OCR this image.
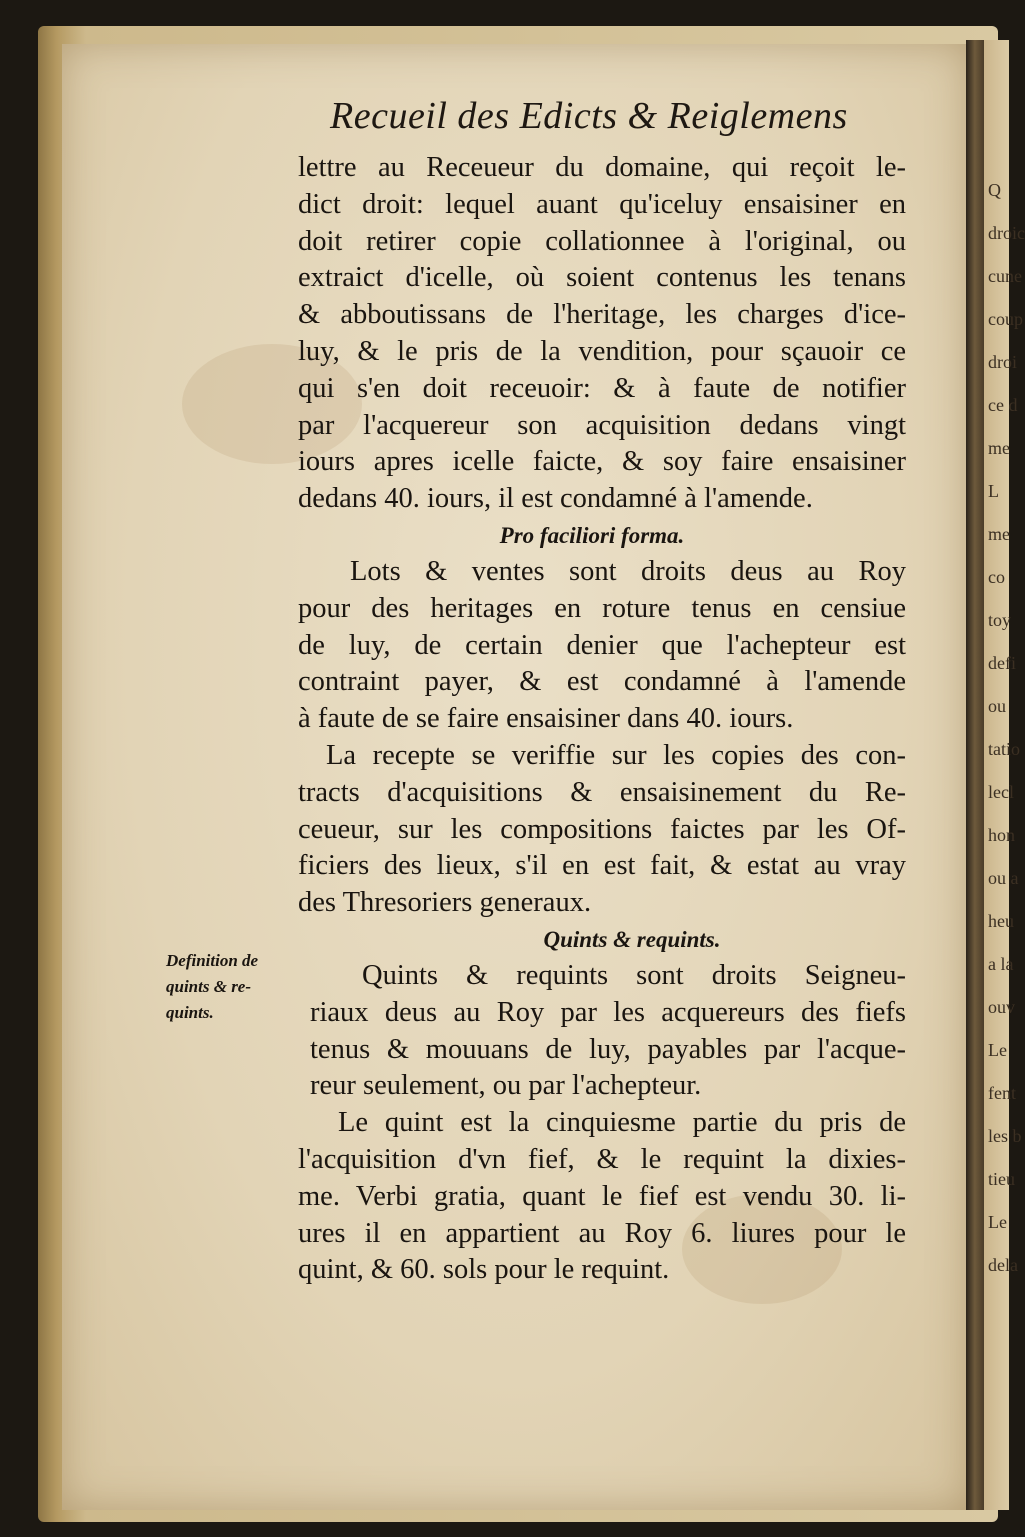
Q
droic
cune
coup
droi
ce d
me
L
me
co
toy
defi
ou
tatio
lecl
hon
ou a
heu
a la
ouv
Le
fent
les b
tieu
Le
dela
Recueil des Edicts & Reiglemens
lettre au Receueur du domaine, qui reçoit le-
dict droit: lequel auant qu'iceluy ensaisiner en
doit retirer copie collationnee à l'original, ou
extraict d'icelle, où soient contenus les tenans
& abboutissans de l'heritage, les charges d'ice-
luy, & le pris de la vendition, pour sçauoir ce
qui s'en doit receuoir: & à faute de notifier
par l'acquereur son acquisition dedans vingt
iours apres icelle faicte, & soy faire ensaisiner
dedans 40. iours, il est condamné à l'amende.
Pro faciliori forma.
Lots & ventes sont droits deus au Roy
pour des heritages en roture tenus en censiue
de luy, de certain denier que l'achepteur est
contraint payer, & est condamné à l'amende
à faute de se faire ensaisiner dans 40. iours.
La recepte se veriffie sur les copies des con-
tracts d'acquisitions & ensaisinement du Re-
ceueur, sur les compositions faictes par les Of-
ficiers des lieux, s'il en est fait, & estat au vray
des Thresoriers generaux.
Quints & requints.
Quints & requints sont droits Seigneu-
riaux deus au Roy par les acquereurs des fiefs
tenus & mouuans de luy, payables par l'acque-
reur seulement, ou par l'achepteur.
Le quint est la cinquiesme partie du pris de
l'acquisition d'vn fief, & le requint la dixies-
me. Verbi gratia, quant le fief est vendu 30. li-
ures il en appartient au Roy 6. liures pour le
quint, & 60. sols pour le requint.
Definition de
quints & re-
quints.
